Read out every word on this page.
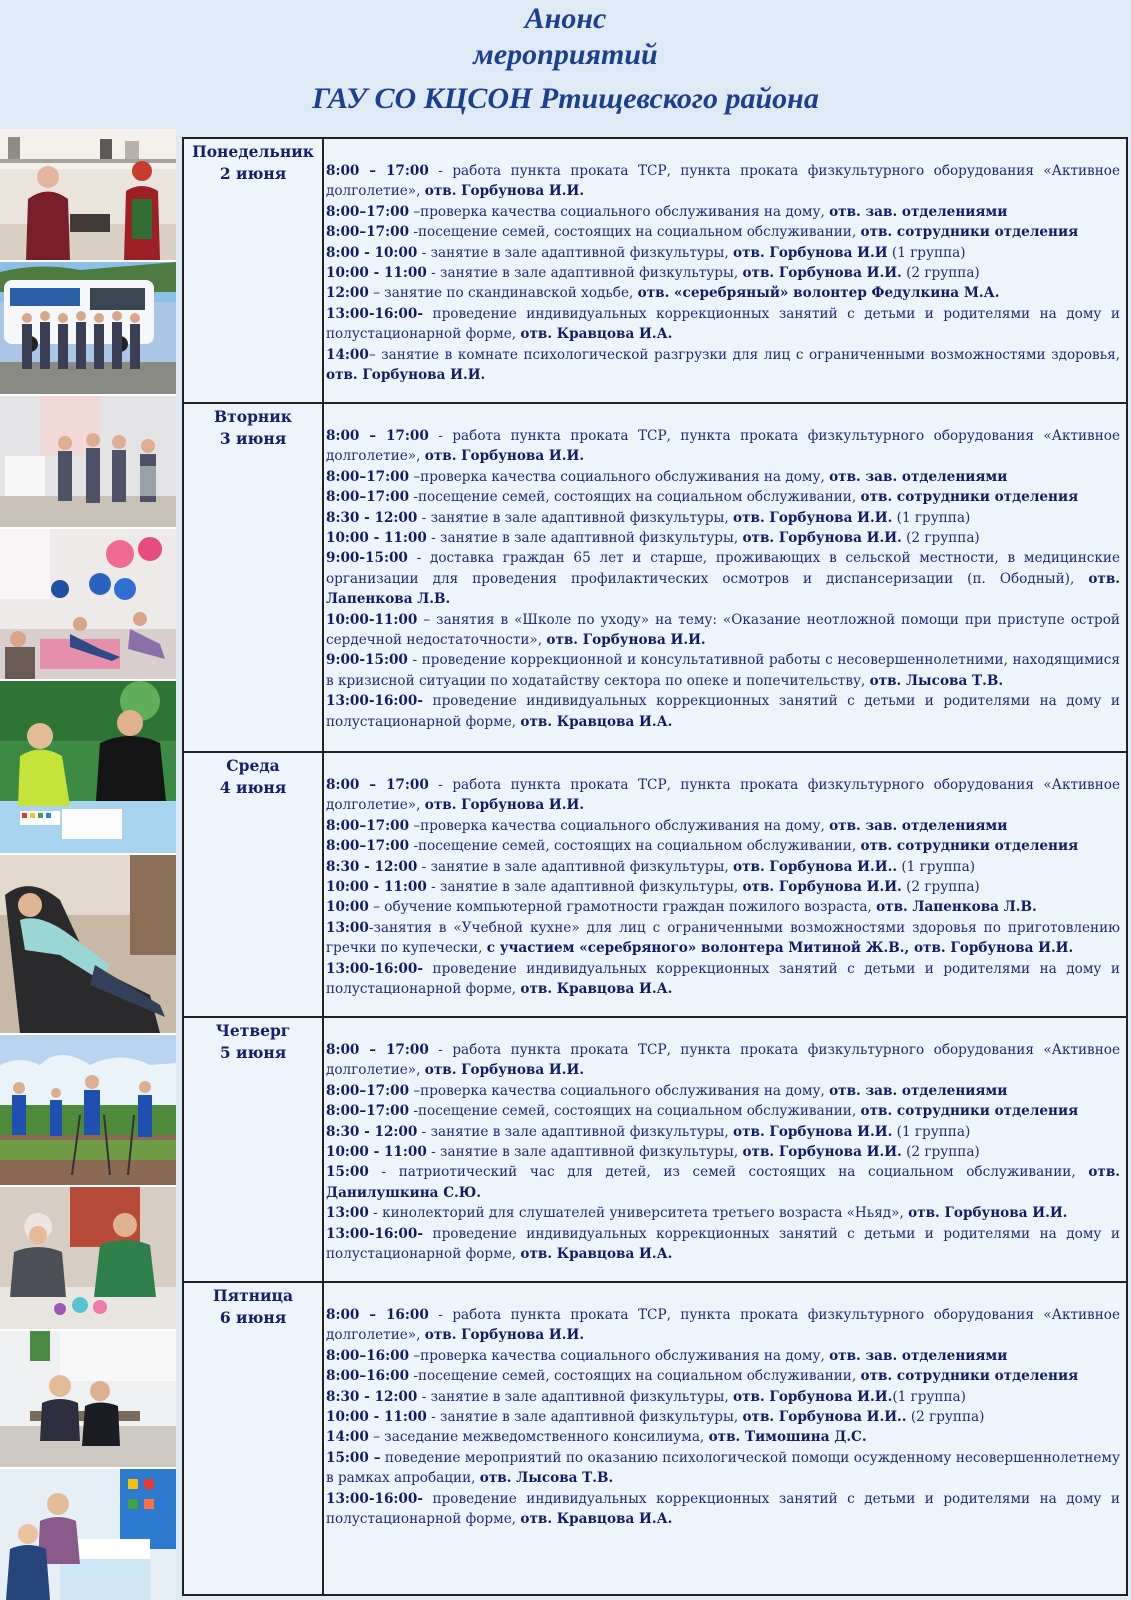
Анонс
мероприятий
ГАУ СО КЦСОН Ртищевского района
Понедельник
2 июня	8:00 – 17:00 - работа пункта проката ТСР, пункта проката физкультурного оборудования «Активное долголетие», отв. Горбунова И.И.

8:00–17:00 –проверка качества социального обслуживания на дому, отв. зав. отделениями

8:00–17:00 -посещение семей, состоящих на социальном обслуживании, отв. сотрудники отделения

8:00 - 10:00 - занятие в зале адаптивной физкультуры, отв. Горбунова И.И (1 группа)

10:00 - 11:00 - занятие в зале адаптивной физкультуры, отв. Горбунова И.И. (2 группа)

12:00 – занятие по скандинавской ходьбе, отв. «серебряный» волонтер Федулкина М.А.

13:00-16:00- проведение индивидуальных коррекционных занятий с детьми и родителями на дому и полустационарной форме, отв. Кравцова И.А.

14:00– занятие в комнате психологической разгрузки для лиц с ограниченными возможностями здоровья, отв. Горбунова И.И.

Вторник
3 июня	8:00 – 17:00 - работа пункта проката ТСР, пункта проката физкультурного оборудования «Активное долголетие», отв. Горбунова И.И.

8:00–17:00 –проверка качества социального обслуживания на дому, отв. зав. отделениями

8:00–17:00 -посещение семей, состоящих на социальном обслуживании, отв. сотрудники отделения

8:30 - 12:00 - занятие в зале адаптивной физкультуры, отв. Горбунова И.И. (1 группа)

10:00 - 11:00 - занятие в зале адаптивной физкультуры, отв. Горбунова И.И. (2 группа)

9:00-15:00 - доставка граждан 65 лет и старше, проживающих в сельской местности, в медицинские организации для проведения профилактических осмотров и диспансеризации (п. Ободный), отв. Лапенкова Л.В.

10:00-11:00 – занятия в «Школе по уходу» на тему: «Оказание неотложной помощи при приступе острой сердечной недостаточности», отв. Горбунова И.И.

9:00-15:00 - проведение коррекционной и консультативной работы с несовершеннолетними, находящимися в кризисной ситуации по ходатайству сектора по опеке и попечительству, отв. Лысова Т.В.

13:00-16:00- проведение индивидуальных коррекционных занятий с детьми и родителями на дому и полустационарной форме, отв. Кравцова И.А.

Среда
4 июня	8:00 – 17:00 - работа пункта проката ТСР, пункта проката физкультурного оборудования «Активное долголетие», отв. Горбунова И.И.

8:00–17:00 –проверка качества социального обслуживания на дому, отв. зав. отделениями

8:00–17:00 -посещение семей, состоящих на социальном обслуживании, отв. сотрудники отделения

8:30 - 12:00 - занятие в зале адаптивной физкультуры, отв. Горбунова И.И.. (1 группа)

10:00 - 11:00 - занятие в зале адаптивной физкультуры, отв. Горбунова И.И. (2 группа)

10:00 – обучение компьютерной грамотности граждан пожилого возраста, отв. Лапенкова Л.В.

13:00-занятия в «Учебной кухне» для лиц с ограниченными возможностями здоровья по приготовлению гречки по купечески, с участием «серебряного» волонтера Митиной Ж.В., отв. Горбунова И.И.

13:00-16:00- проведение индивидуальных коррекционных занятий с детьми и родителями на дому и полустационарной форме, отв. Кравцова И.А.

Четверг
5 июня	8:00 – 17:00 - работа пункта проката ТСР, пункта проката физкультурного оборудования «Активное долголетие», отв. Горбунова И.И.

8:00–17:00 –проверка качества социального обслуживания на дому, отв. зав. отделениями

8:00–17:00 -посещение семей, состоящих на социальном обслуживании, отв. сотрудники отделения

8:30 - 12:00 - занятие в зале адаптивной физкультуры, отв. Горбунова И.И. (1 группа)

10:00 - 11:00 - занятие в зале адаптивной физкультуры, отв. Горбунова И.И. (2 группа)

15:00 - патриотический час для детей, из семей состоящих на социальном обслуживании, отв. Данилушкина С.Ю.

13:00 - кинолекторий для слушателей университета третьего возраста «Ньяд», отв. Горбунова И.И.

13:00-16:00- проведение индивидуальных коррекционных занятий с детьми и родителями на дому и полустационарной форме, отв. Кравцова И.А.

Пятница
6 июня	8:00 – 16:00 - работа пункта проката ТСР, пункта проката физкультурного оборудования «Активное долголетие», отв. Горбунова И.И.

8:00–16:00 –проверка качества социального обслуживания на дому, отв. зав. отделениями

8:00–16:00 -посещение семей, состоящих на социальном обслуживании, отв. сотрудники отделения

8:30 - 12:00 - занятие в зале адаптивной физкультуры, отв. Горбунова И.И.(1 группа)

10:00 - 11:00 - занятие в зале адаптивной физкультуры, отв. Горбунова И.И.. (2 группа)

14:00 – заседание межведомственного консилиума, отв. Тимошина Д.С.

15:00 – поведение мероприятий по оказанию психологической помощи осужденному несовершеннолетнему в рамках апробации, отв. Лысова Т.В.

13:00-16:00- проведение индивидуальных коррекционных занятий с детьми и родителями на дому и полустационарной форме, отв. Кравцова И.А.
